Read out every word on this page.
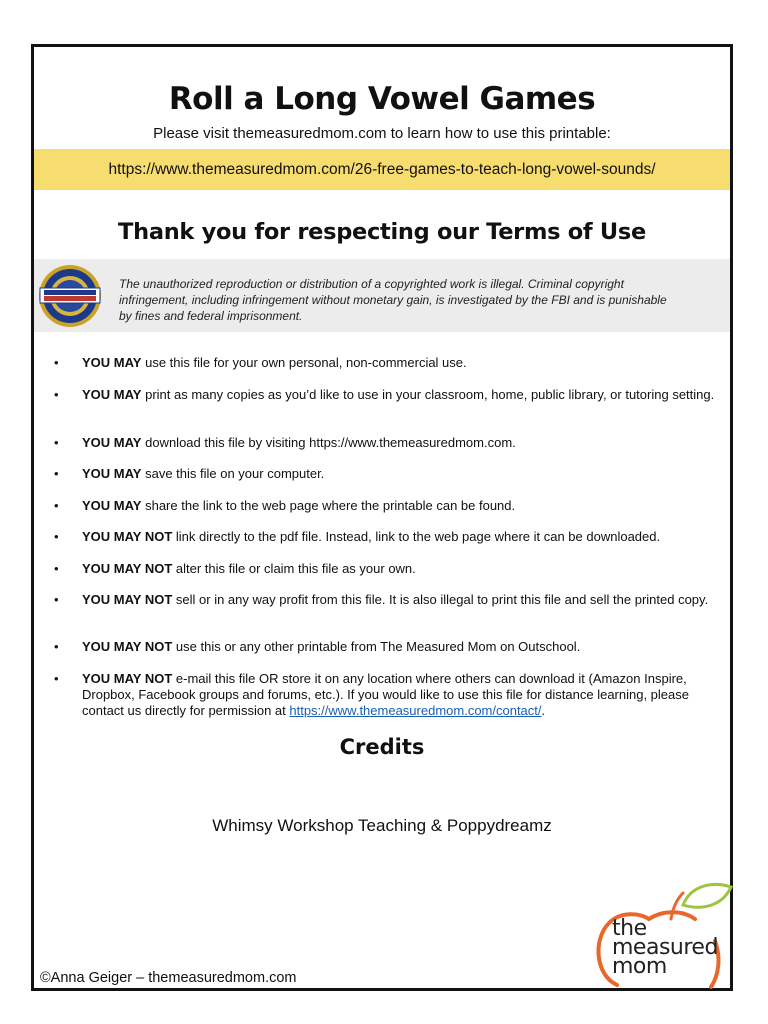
Roll a Long Vowel Games
Please visit themeasuredmom.com to learn how to use this printable:
https://www.themeasuredmom.com/26-free-games-to-teach-long-vowel-sounds/
Thank you for respecting our Terms of Use
The unauthorized reproduction or distribution of a copyrighted work is illegal. Criminal copyright infringement, including infringement without monetary gain, is investigated by the FBI and is punishable by fines and federal imprisonment.
•	YOU MAY use this file for your own personal, non-commercial use.
•	YOU MAY print as many copies as you’d like to use in your classroom, home, public library, or tutoring setting.
•	YOU MAY download this file by visiting https://www.themeasuredmom.com.
•	YOU MAY save this file on your computer.
•	YOU MAY share the link to the web page where the printable can be found.
•	YOU MAY NOT link directly to the pdf file. Instead, link to the web page where it can be downloaded.
•	YOU MAY NOT alter this file or claim this file as your own.
•	YOU MAY NOT sell or in any way profit from this file. It is also illegal to print this file and sell the printed copy.
•	YOU MAY NOT use this or any other printable from The Measured Mom on Outschool.
•	YOU MAY NOT e-mail this file OR store it on any location where others can download it (Amazon Inspire, Dropbox, Facebook groups and forums, etc.). If you would like to use this file for distance learning, please contact us directly for permission at https://www.themeasuredmom.com/contact/.
Credits
Whimsy Workshop Teaching & Poppydreamz
©Anna Geiger – themeasuredmom.com
the
measured
mom
